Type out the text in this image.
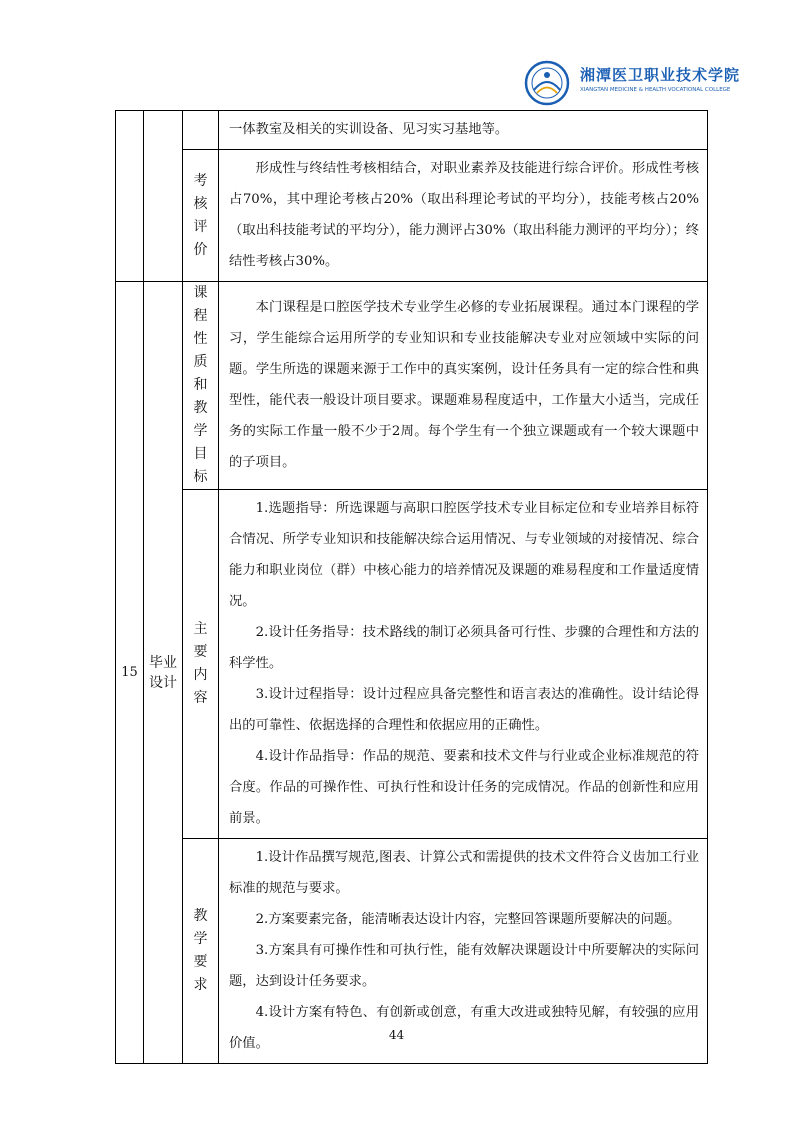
湘潭医卫职业技术学院
XIANGTAN MEDICINE & HEALTH VOCATIONAL COLLEGE

			一体教室及相关的实训设备、见习实习基地等。

		考核评价	形成性与终结性考核相结合，对职业素养及技能进行综合评价。形成性考核占70%，其中理论考核占20%（取出科理论考试的平均分），技能考核占20%（取出科技能考试的平均分），能力测评占30%（取出科能力测评的平均分）；终结性考核占30%。

15	毕业设计	课程性质和教学目标	本门课程是口腔医学技术专业学生必修的专业拓展课程。通过本门课程的学习，学生能综合运用所学的专业知识和专业技能解决专业对应领域中实际的问题。学生所选的课题来源于工作中的真实案例，设计任务具有一定的综合性和典型性，能代表一般设计项目要求。课题难易程度适中，工作量大小适当，完成任务的实际工作量一般不少于2周。每个学生有一个独立课题或有一个较大课题中的子项目。

		主要内容	1.选题指导：所选课题与高职口腔医学技术专业目标定位和专业培养目标符合情况、所学专业知识和技能解决综合运用情况、与专业领域的对接情况、综合能力和职业岗位（群）中核心能力的培养情况及课题的难易程度和工作量适度情况。

2.设计任务指导：技术路线的制订必须具备可行性、步骤的合理性和方法的科学性。

3.设计过程指导：设计过程应具备完整性和语言表达的准确性。设计结论得出的可靠性、依据选择的合理性和依据应用的正确性。

4.设计作品指导：作品的规范、要素和技术文件与行业或企业标准规范的符合度。作品的可操作性、可执行性和设计任务的完成情况。作品的创新性和应用前景。

		教学要求	1.设计作品撰写规范,图表、计算公式和需提供的技术文件符合义齿加工行业标准的规范与要求。

2.方案要素完备，能清晰表达设计内容，完整回答课题所要解决的问题。

3.方案具有可操作性和可执行性，能有效解决课题设计中所要解决的实际问题，达到设计任务要求。

4.设计方案有特色、有创新或创意，有重大改进或独特见解，有较强的应用价值。

44
